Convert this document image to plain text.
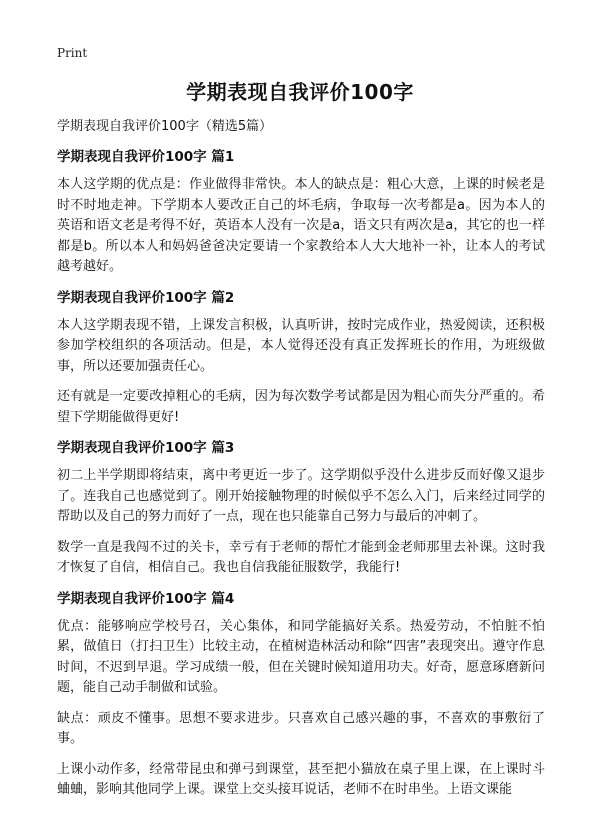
Print
学期表现自我评价100字

学期表现自我评价100字（精选5篇）

学期表现自我评价100字 篇1

本人这学期的优点是：作业做得非常快。本人的缺点是：粗心大意，上课的时候老是时不时地走神。下学期本人要改正自己的坏毛病，争取每一次考都是a。因为本人的英语和语文老是考得不好，英语本人没有一次是a，语文只有两次是a，其它的也一样都是b。所以本人和妈妈爸爸决定要请一个家教给本人大大地补一补，让本人的考试越考越好。

学期表现自我评价100字 篇2

本人这学期表现不错，上课发言积极，认真听讲，按时完成作业，热爱阅读，还积极参加学校组织的各项活动。但是，本人觉得还没有真正发挥班长的作用，为班级做事，所以还要加强责任心。

还有就是一定要改掉粗心的毛病，因为每次数学考试都是因为粗心而失分严重的。希望下学期能做得更好!

学期表现自我评价100字 篇3

初二上半学期即将结束，离中考更近一步了。这学期似乎没什么进步反而好像又退步了。连我自己也感觉到了。刚开始接触物理的时候似乎不怎么入门，后来经过同学的帮助以及自己的努力而好了一点，现在也只能靠自己努力与最后的冲刺了。

数学一直是我闯不过的关卡，幸亏有于老师的帮忙才能到金老师那里去补课。这时我才恢复了自信，相信自己。我也自信我能征服数学，我能行!

学期表现自我评价100字 篇4

优点：能够响应学校号召，关心集体，和同学能搞好关系。热爱劳动，不怕脏不怕累，做值日（打扫卫生）比较主动，在植树造林活动和除“四害”表现突出。遵守作息时间，不迟到早退。学习成绩一般，但在关键时候知道用功夫。好奇，愿意琢磨新问题，能自己动手制做和试验。

缺点：顽皮不懂事。思想不要求进步。只喜欢自己感兴趣的事，不喜欢的事敷衍了事。

上课小动作多，经常带昆虫和弹弓到课堂，甚至把小猫放在桌子里上课，在上课时斗蛐蛐，影响其他同学上课。课堂上交头接耳说话，老师不在时串坐。上语文课能
